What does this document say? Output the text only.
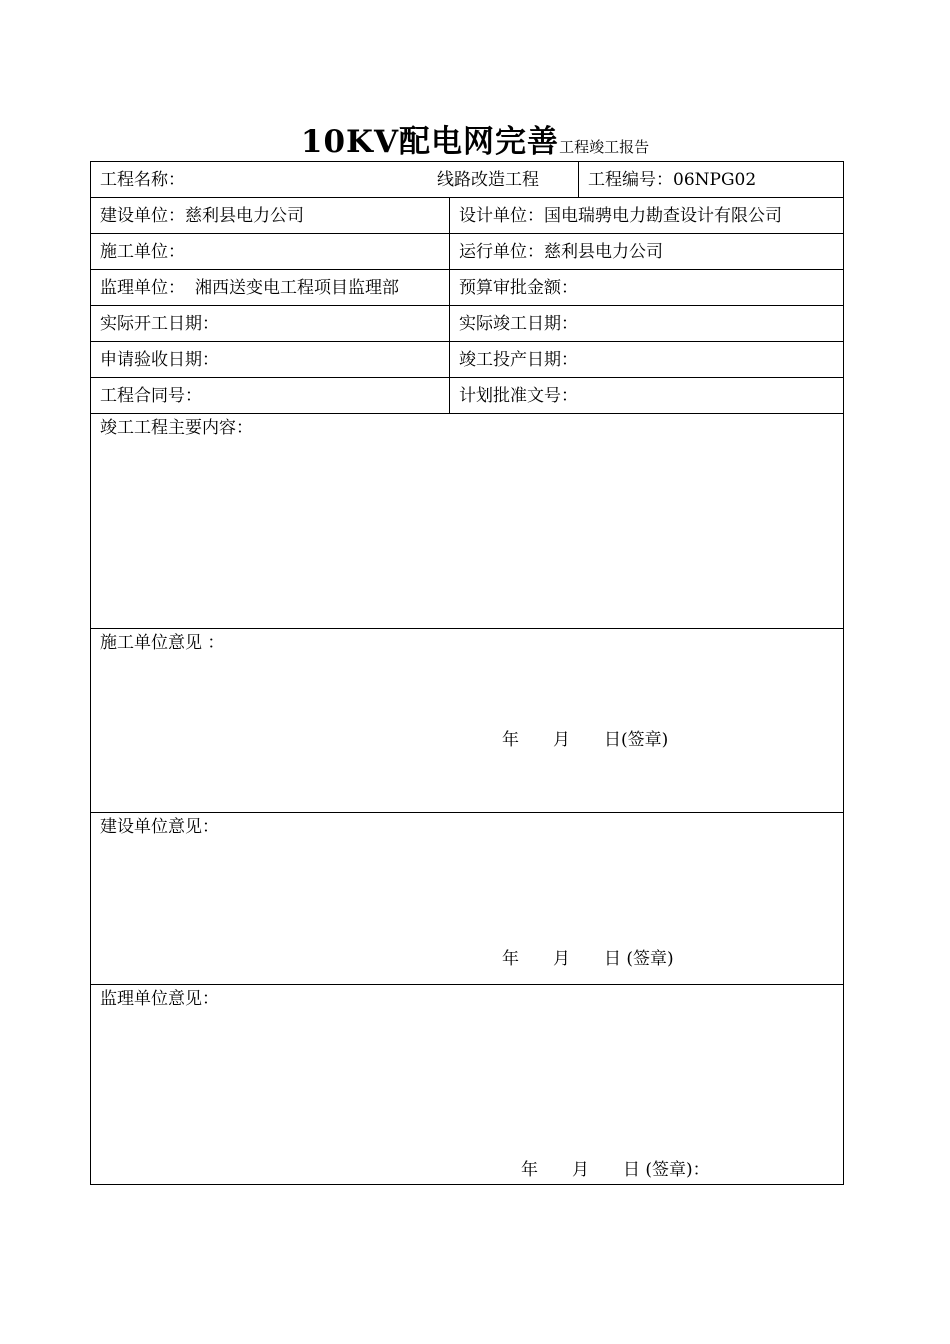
10KV配电网完善工程竣工报告
工程名称： 线路改造工程		工程编号：06NPG02
建设单位：慈利县电力公司	设计单位：国电瑞骋电力勘查设计有限公司	
施工单位：	运行单位：慈利县电力公司	
监理单位： 湘西送变电工程项目监理部	预算审批金额：	
实际开工日期：	实际竣工日期：	
申请验收日期：	竣工投产日期：	
工程合同号：	计划批准文号：	

竣工工程主要内容：		

施工单位意见 ：
年　　月　　日(签章)		

建设单位意见：
年　　月　　日 (签章)		

监理单位意见：
年　　月　　日 (签章)：		
